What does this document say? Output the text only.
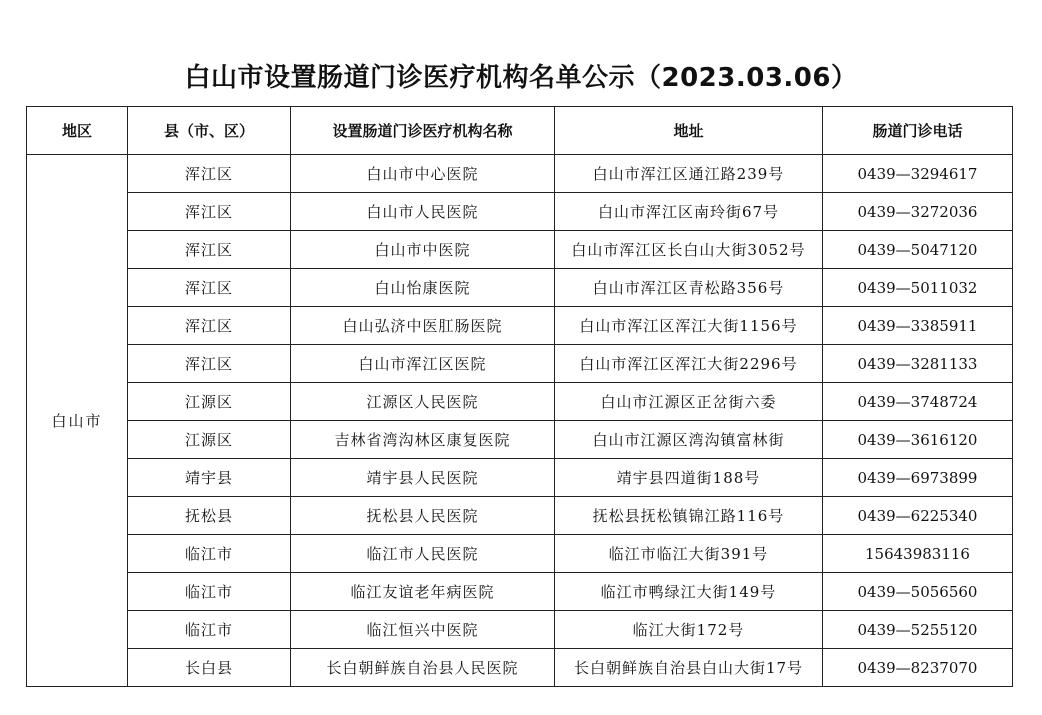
白山市设置肠道门诊医疗机构名单公示（2023.03.06）
地区	县（市、区）	设置肠道门诊医疗机构名称	地址	肠道门诊电话
白山市	浑江区	白山市中心医院	白山市浑江区通江路239号	0439—3294617
	浑江区	白山市人民医院	白山市浑江区南玲街67号	0439—3272036
	浑江区	白山市中医院	白山市浑江区长白山大街3052号	0439—5047120
	浑江区	白山怡康医院	白山市浑江区青松路356号	0439—5011032
	浑江区	白山弘济中医肛肠医院	白山市浑江区浑江大街1156号	0439—3385911
	浑江区	白山市浑江区医院	白山市浑江区浑江大街2296号	0439—3281133
	江源区	江源区人民医院	白山市江源区正岔街六委	0439—3748724
	江源区	吉林省湾沟林区康复医院	白山市江源区湾沟镇富林街	0439—3616120
	靖宇县	靖宇县人民医院	靖宇县四道街188号	0439—6973899
	抚松县	抚松县人民医院	抚松县抚松镇锦江路116号	0439—6225340
	临江市	临江市人民医院	临江市临江大街391号	15643983116
	临江市	临江友谊老年病医院	临江市鸭绿江大街149号	0439—5056560
	临江市	临江恒兴中医院	临江大街172号	0439—5255120
	长白县	长白朝鲜族自治县人民医院	长白朝鲜族自治县白山大街17号	0439—8237070
